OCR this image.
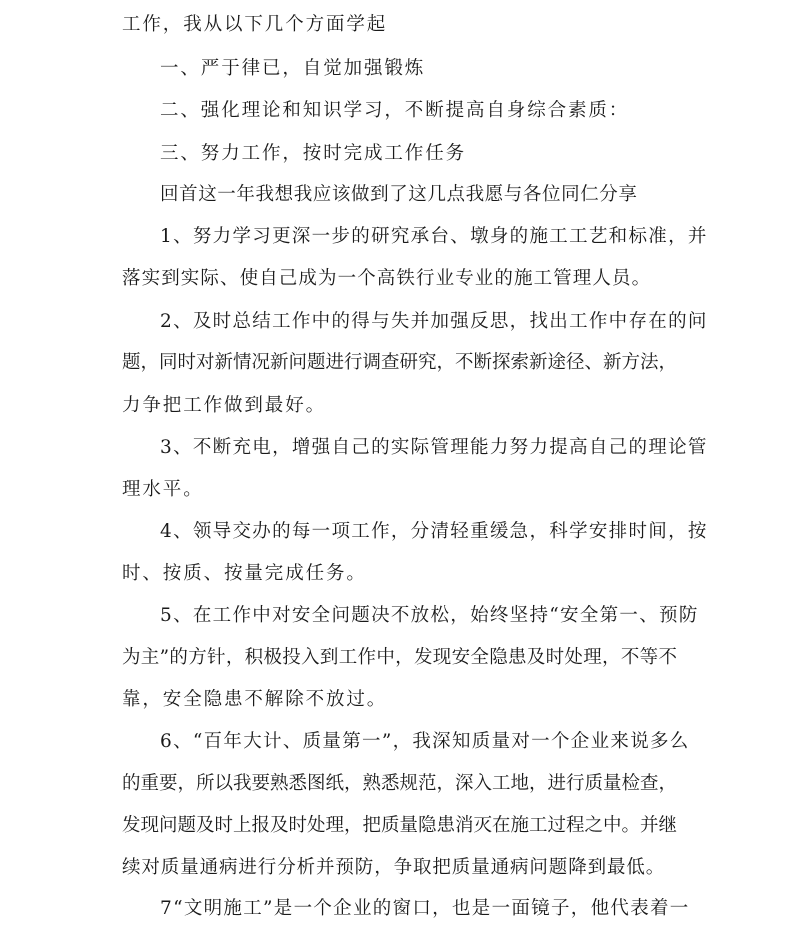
工作，我从以下几个方面学起
一、严于律已，自觉加强锻炼
二、强化理论和知识学习，不断提高自身综合素质：
三、努力工作，按时完成工作任务
回首这一年我想我应该做到了这几点我愿与各位同仁分享
1、努力学习更深一步的研究承台、墩身的施工工艺和标准，并
落实到实际、使自己成为一个高铁行业专业的施工管理人员。
2、及时总结工作中的得与失并加强反思，找出工作中存在的问
题，同时对新情况新问题进行调查研究，不断探索新途径、新方法，
力争把工作做到最好。
3、不断充电，增强自己的实际管理能力努力提高自己的理论管
理水平。
4、领导交办的每一项工作，分清轻重缓急，科学安排时间，按
时、按质、按量完成任务。
5、在工作中对安全问题决不放松，始终坚持“安全第一、预防
为主”的方针，积极投入到工作中，发现安全隐患及时处理，不等不
靠，安全隐患不解除不放过。
6、“百年大计、质量第一”，我深知质量对一个企业来说多么
的重要，所以我要熟悉图纸，熟悉规范，深入工地，进行质量检查，
发现问题及时上报及时处理，把质量隐患消灭在施工过程之中。并继
续对质量通病进行分析并预防，争取把质量通病问题降到最低。
7“文明施工”是一个企业的窗口，也是一面镜子，他代表着一
